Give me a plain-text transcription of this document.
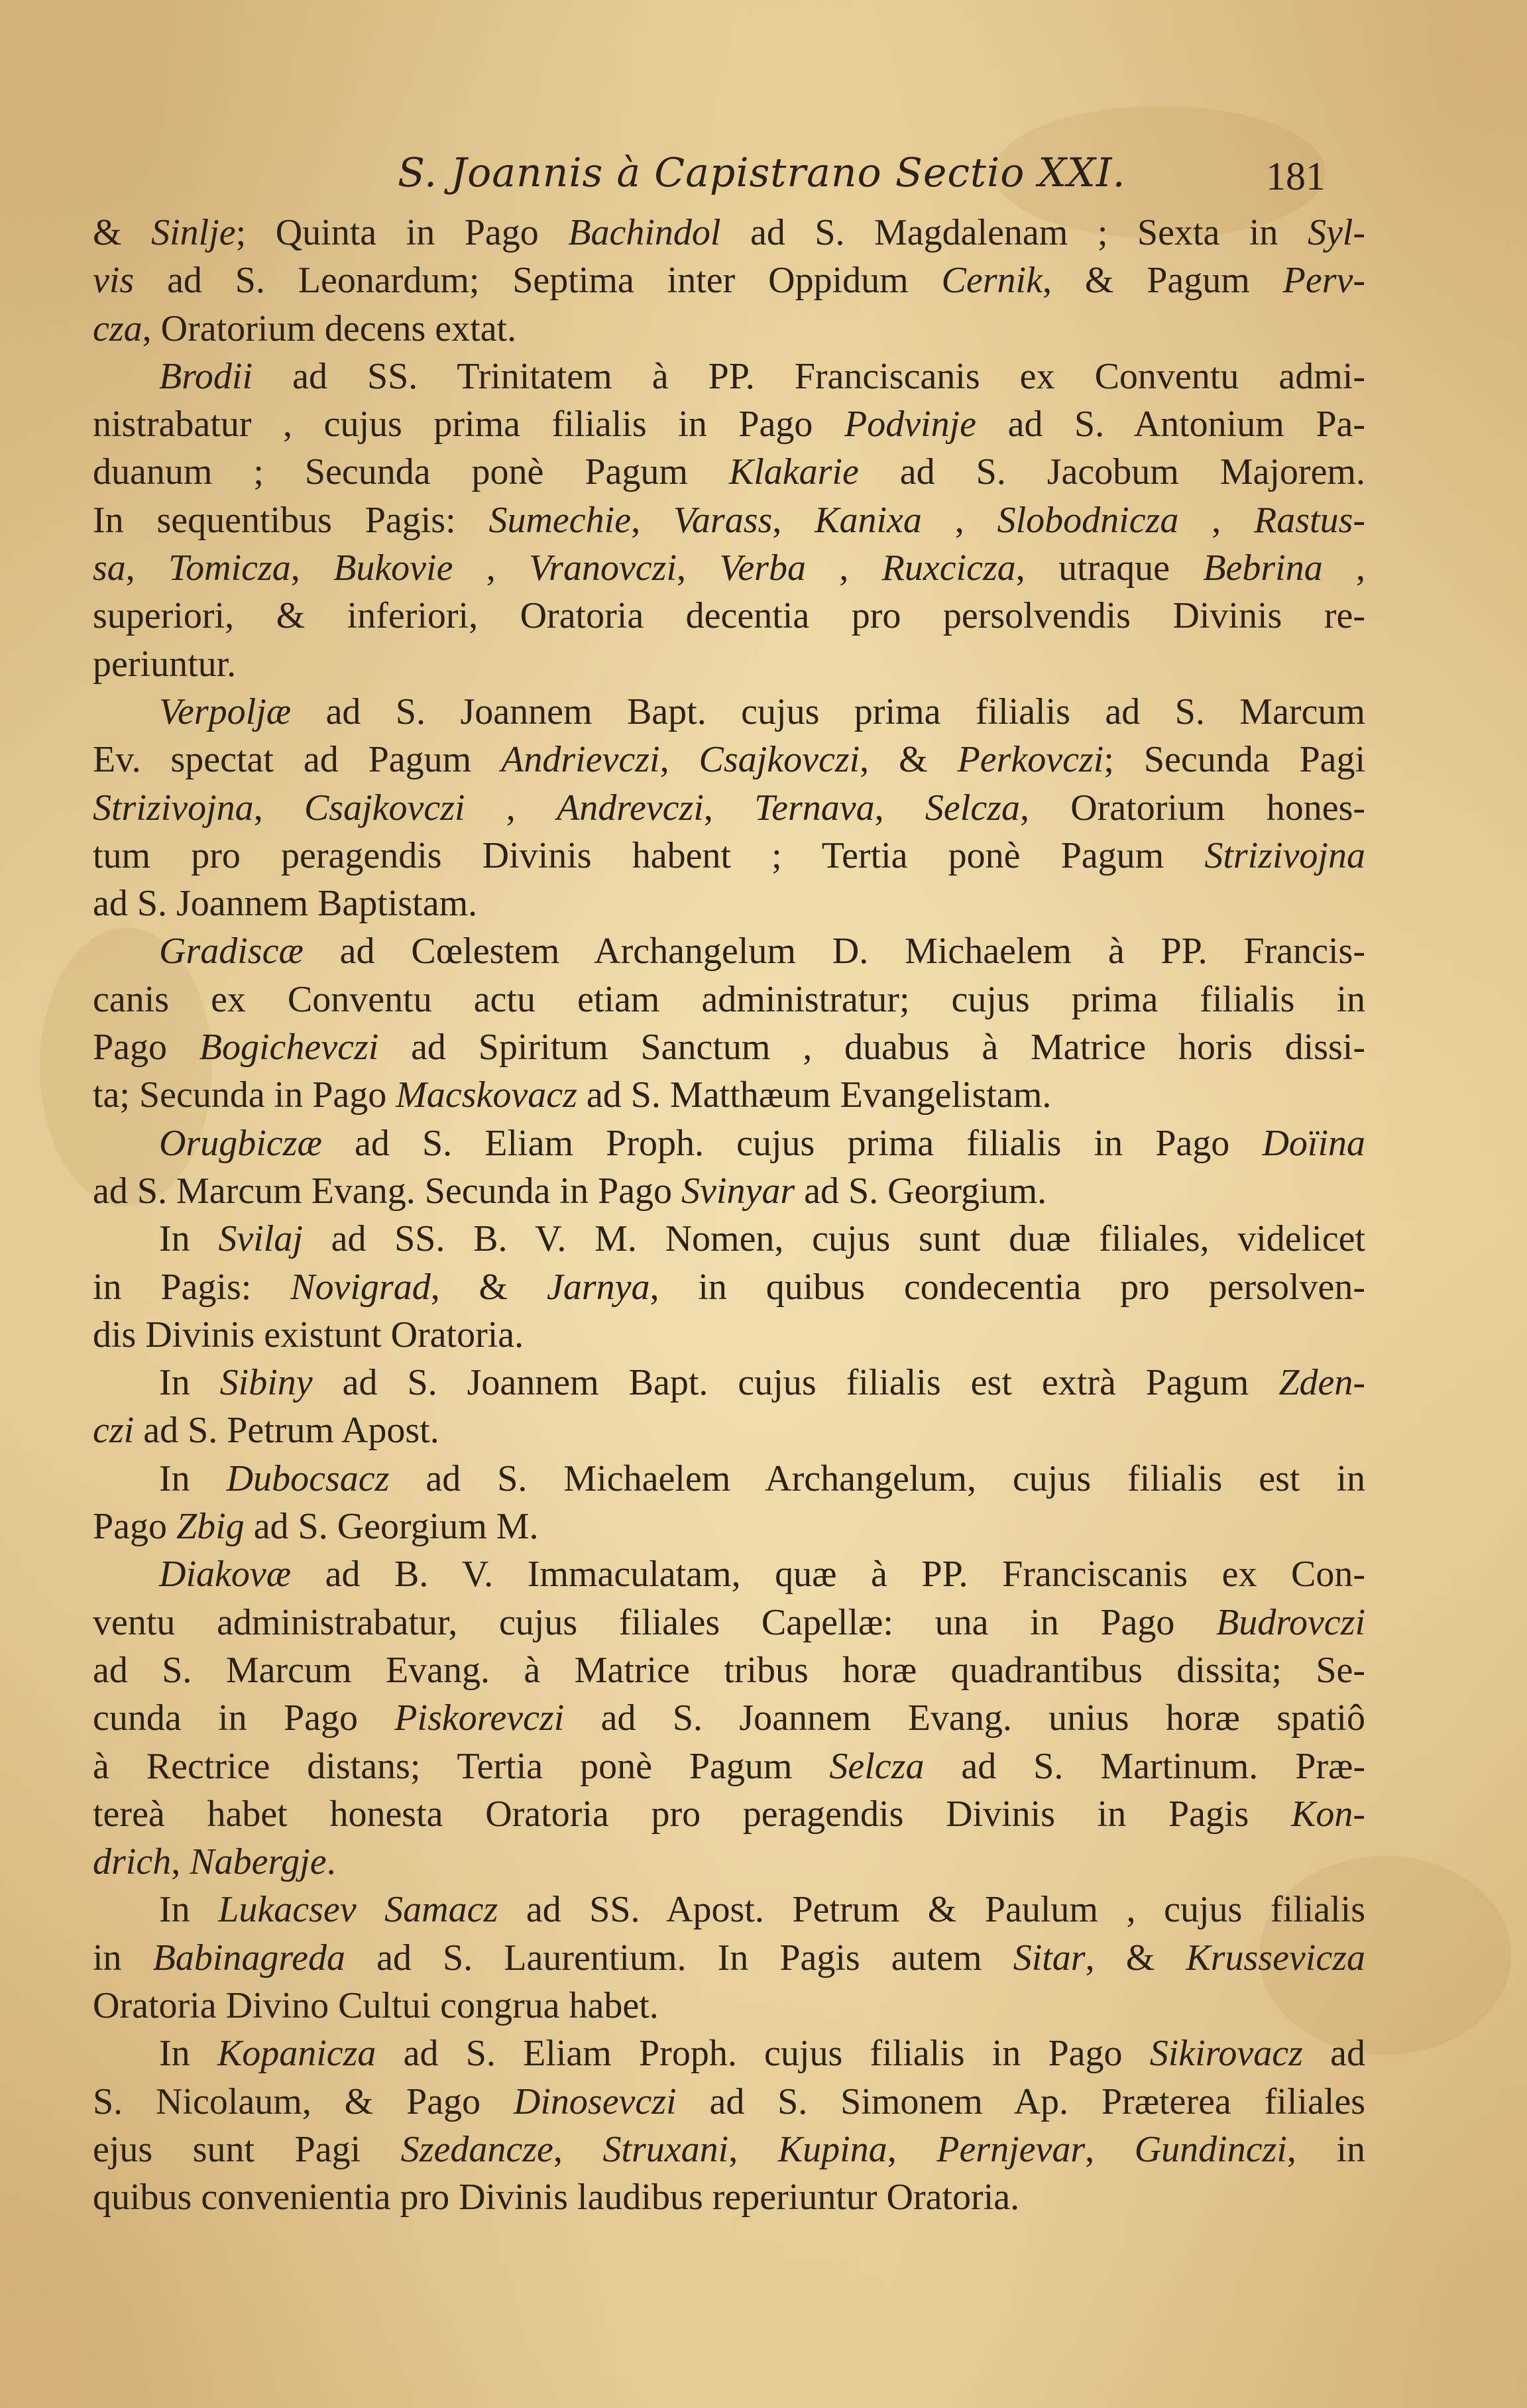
S. Joannis à Capistrano Sectio XXI.	181
& Sinlje; Quinta in Pago Bachindol ad S. Magdalenam ; Sexta in Syl-
vis ad S. Leonardum; Septima inter Oppidum Cernik, & Pagum Perv-
cza, Oratorium decens extat.
Brodii ad SS. Trinitatem à PP. Franciscanis ex Conventu admi-
nistrabatur , cujus prima filialis in Pago Podvinje ad S. Antonium Pa-
duanum ; Secunda ponè Pagum Klakarie ad S. Jacobum Majorem.
In sequentibus Pagis: Sumechie, Varass, Kanixa , Slobodnicza , Rastus-
sa, Tomicza, Bukovie , Vranovczi, Verba , Ruxcicza, utraque Bebrina ,
superiori, & inferiori, Oratoria decentia pro persolvendis Divinis re-
periuntur.
Verpoljæ ad S. Joannem Bapt. cujus prima filialis ad S. Marcum
Ev. spectat ad Pagum Andrievczi, Csajkovczi, & Perkovczi; Secunda Pagi
Strizivojna, Csajkovczi , Andrevczi, Ternava, Selcza, Oratorium hones-
tum pro peragendis Divinis habent ; Tertia ponè Pagum Strizivojna
ad S. Joannem Baptistam.
Gradiscæ ad Cœlestem Archangelum D. Michaelem à PP. Francis-
canis ex Conventu actu etiam administratur; cujus prima filialis in
Pago Bogichevczi ad Spiritum Sanctum , duabus à Matrice horis dissi-
ta; Secunda in Pago Macskovacz ad S. Matthæum Evangelistam.
Orugbiczæ ad S. Eliam Proph. cujus prima filialis in Pago Doïina
ad S. Marcum Evang. Secunda in Pago Svinyar ad S. Georgium.
In Svilaj ad SS. B. V. M. Nomen, cujus sunt duæ filiales, videlicet
in Pagis: Novigrad, & Jarnya, in quibus condecentia pro persolven-
dis Divinis existunt Oratoria.
In Sibiny ad S. Joannem Bapt. cujus filialis est extrà Pagum Zden-
czi ad S. Petrum Apost.
In Dubocsacz ad S. Michaelem Archangelum, cujus filialis est in
Pago Zbig ad S. Georgium M.
Diakovæ ad B. V. Immaculatam, quæ à PP. Franciscanis ex Con-
ventu administrabatur, cujus filiales Capellæ: una in Pago Budrovczi
ad S. Marcum Evang. à Matrice tribus horæ quadrantibus dissita; Se-
cunda in Pago Piskorevczi ad S. Joannem Evang. unius horæ spatiô
à Rectrice distans; Tertia ponè Pagum Selcza ad S. Martinum. Præ-
tereà habet honesta Oratoria pro peragendis Divinis in Pagis Kon-
drich, Nabergje.
In Lukacsev Samacz ad SS. Apost. Petrum & Paulum , cujus filialis
in Babinagreda ad S. Laurentium. In Pagis autem Sitar, & Krussevicza
Oratoria Divino Cultui congrua habet.
In Kopanicza ad S. Eliam Proph. cujus filialis in Pago Sikirovacz ad
S. Nicolaum, & Pago Dinosevczi ad S. Simonem Ap. Præterea filiales
ejus sunt Pagi Szedancze, Struxani, Kupina, Pernjevar, Gundinczi, in
quibus convenientia pro Divinis laudibus reperiuntur Oratoria.
